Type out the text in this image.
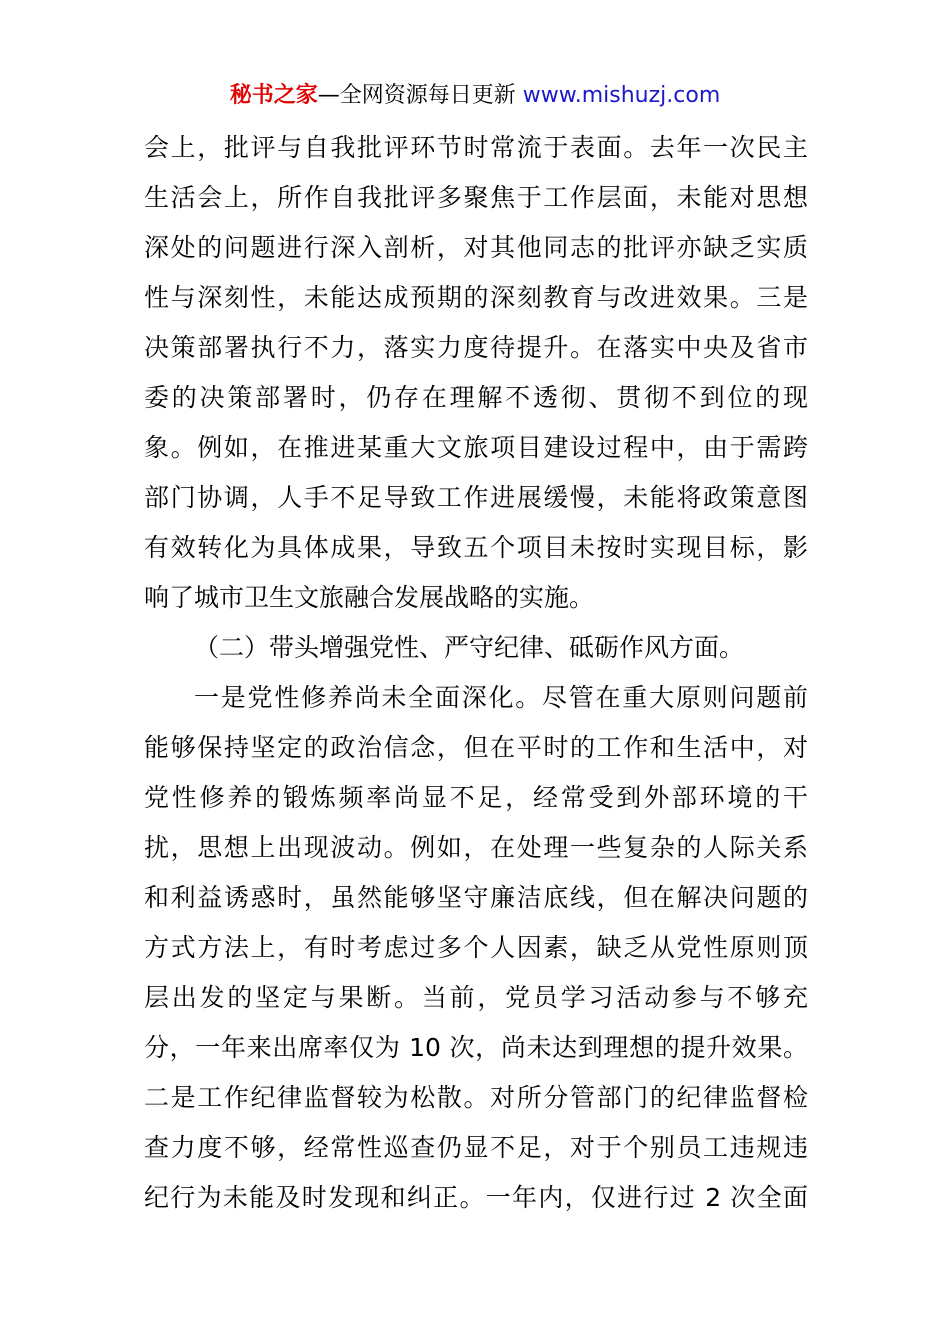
秘书之家—全网资源每日更新 www.mishuzj.com
会上，批评与自我批评环节时常流于表面。去年一次民主
生活会上，所作自我批评多聚焦于工作层面，未能对思想
深处的问题进行深入剖析，对其他同志的批评亦缺乏实质
性与深刻性，未能达成预期的深刻教育与改进效果。三是
决策部署执行不力，落实力度待提升。在落实中央及省市
委的决策部署时，仍存在理解不透彻、贯彻不到位的现
象。例如，在推进某重大文旅项目建设过程中，由于需跨
部门协调，人手不足导致工作进展缓慢，未能将政策意图
有效转化为具体成果，导致五个项目未按时实现目标，影
响了城市卫生文旅融合发展战略的实施。
（二）带头增强党性、严守纪律、砥砺作风方面。
一是党性修养尚未全面深化。尽管在重大原则问题前
能够保持坚定的政治信念，但在平时的工作和生活中，对
党性修养的锻炼频率尚显不足，经常受到外部环境的干
扰，思想上出现波动。例如，在处理一些复杂的人际关系
和利益诱惑时，虽然能够坚守廉洁底线，但在解决问题的
方式方法上，有时考虑过多个人因素，缺乏从党性原则顶
层出发的坚定与果断。当前，党员学习活动参与不够充
分，一年来出席率仅为 10 次，尚未达到理想的提升效果。
二是工作纪律监督较为松散。对所分管部门的纪律监督检
查力度不够，经常性巡查仍显不足，对于个别员工违规违
纪行为未能及时发现和纠正。一年内，仅进行过 2 次全面
